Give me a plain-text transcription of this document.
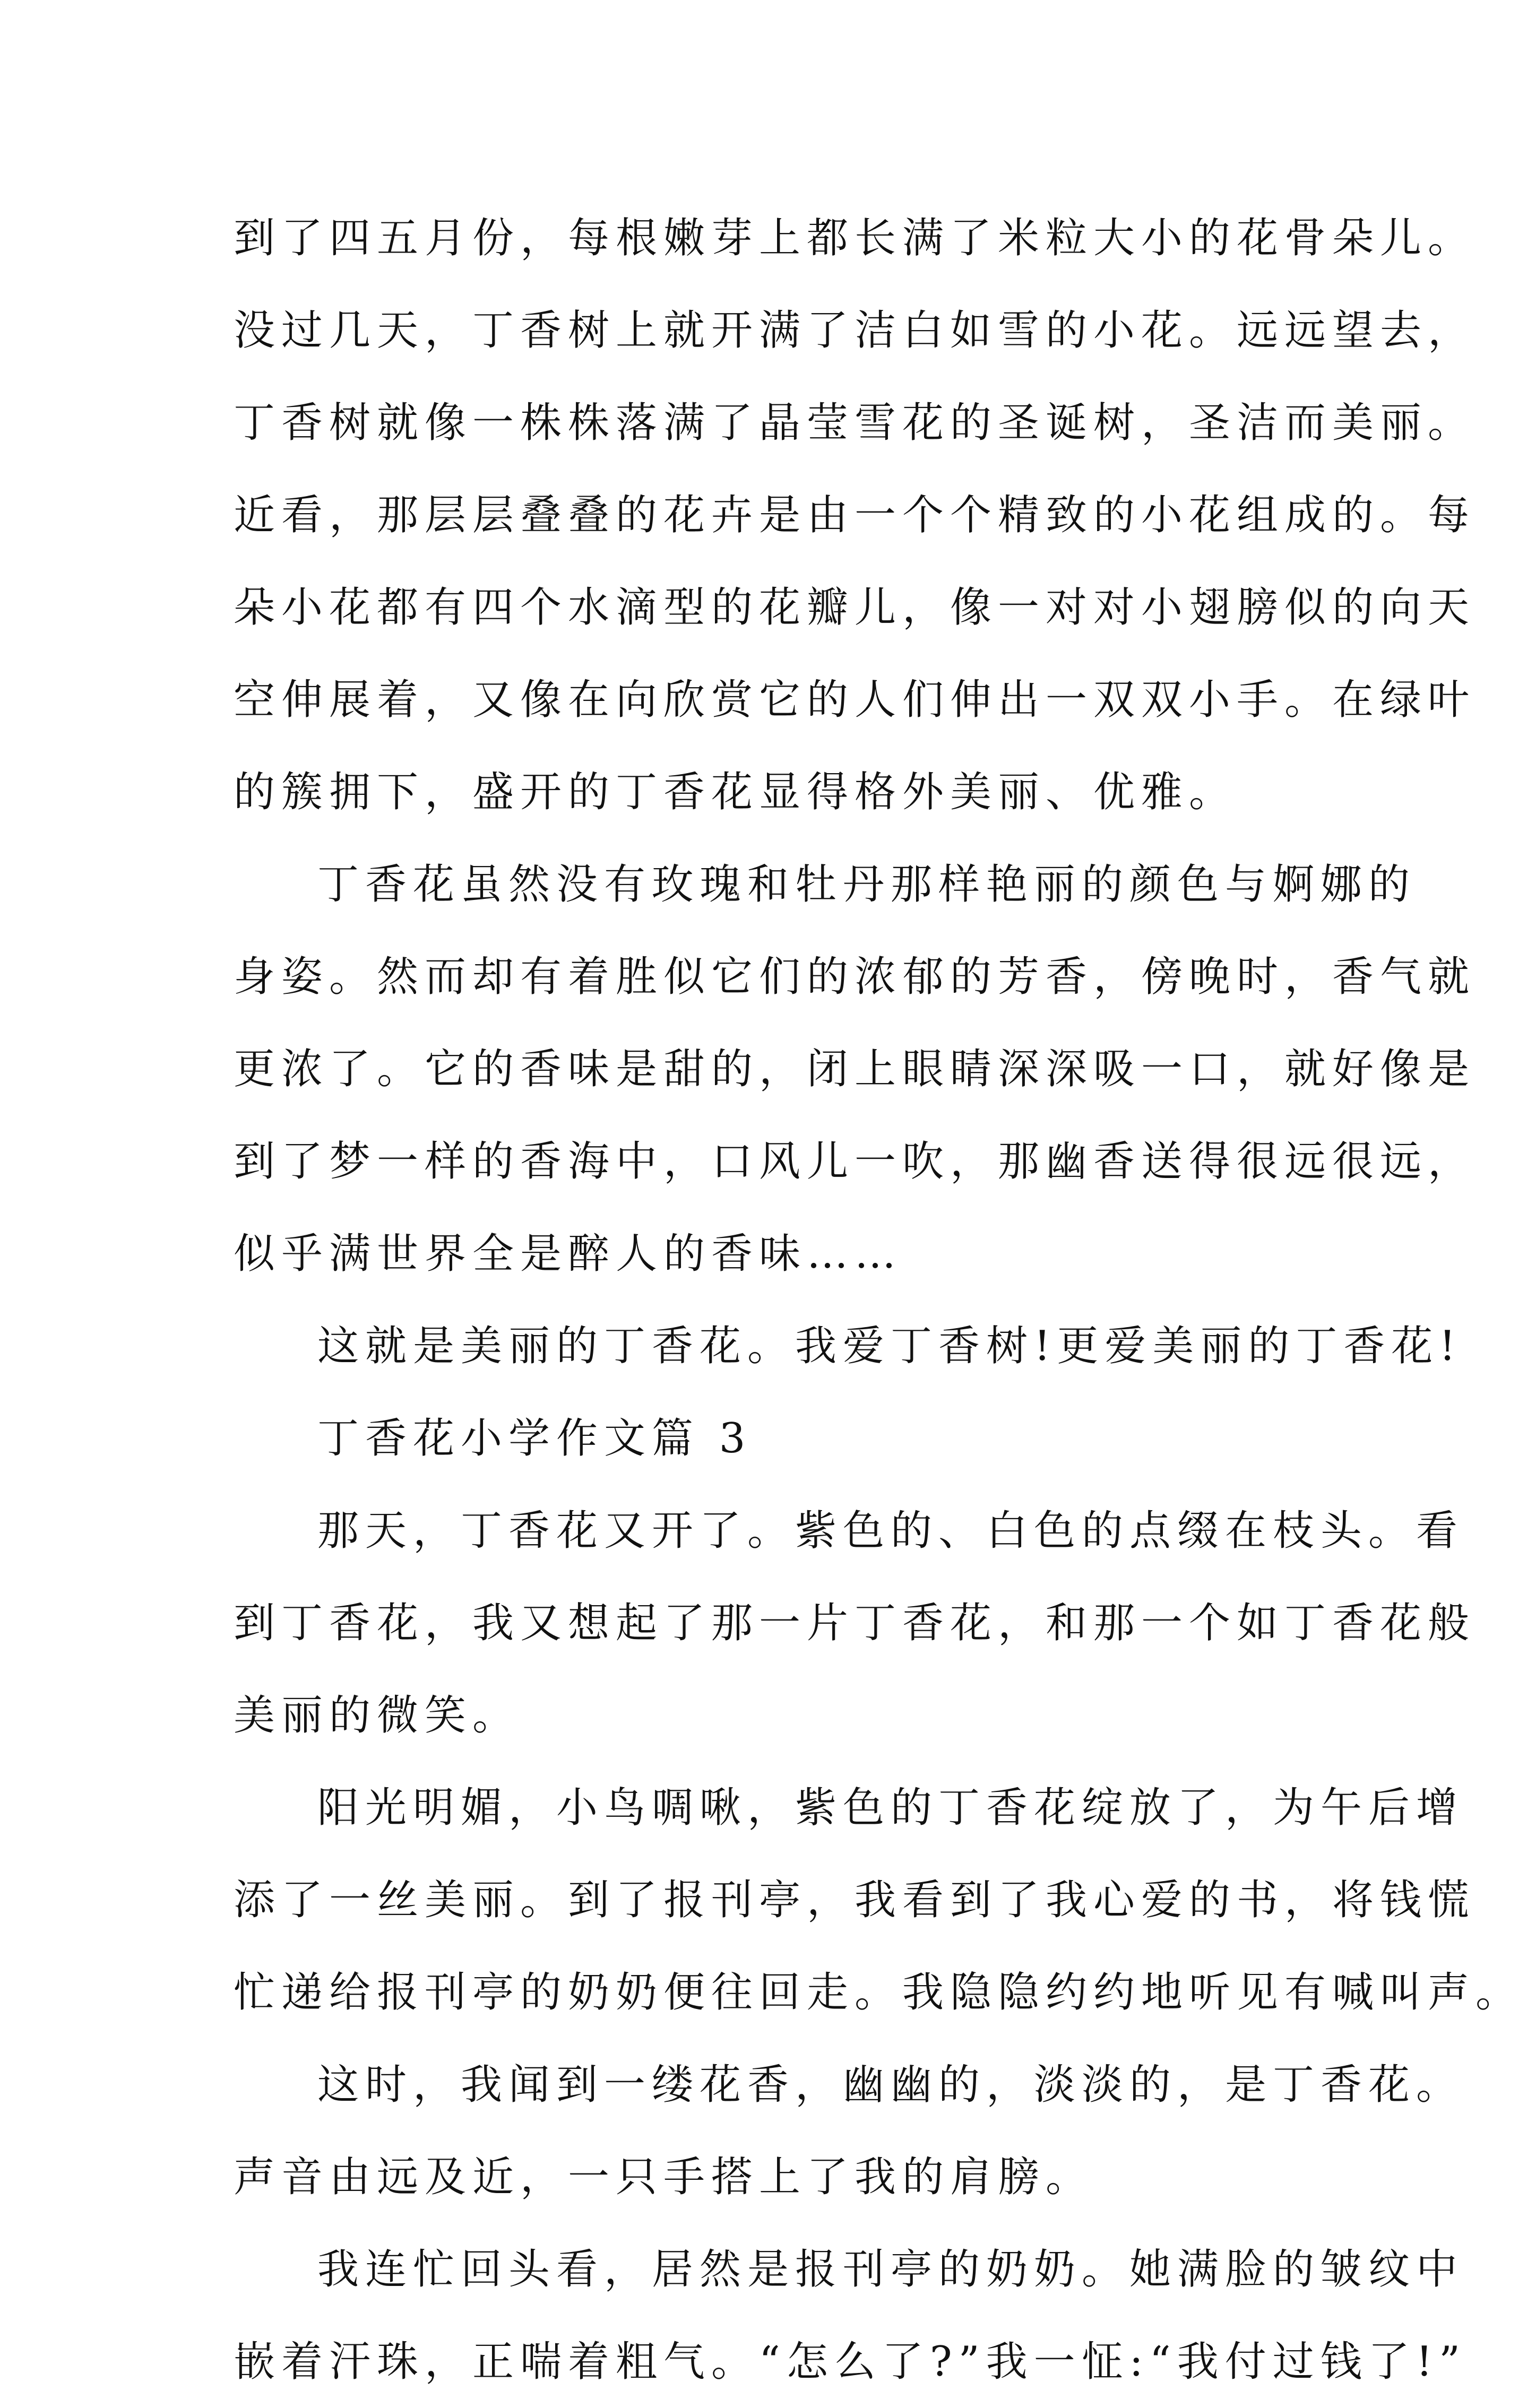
到了四五月份，每根嫩芽上都长满了米粒大小的花骨朵儿。
没过几天，丁香树上就开满了洁白如雪的小花。远远望去，
丁香树就像一株株落满了晶莹雪花的圣诞树，圣洁而美丽。
近看，那层层叠叠的花卉是由一个个精致的小花组成的。每
朵小花都有四个水滴型的花瓣儿，像一对对小翅膀似的向天
空伸展着，又像在向欣赏它的人们伸出一双双小手。在绿叶
的簇拥下，盛开的丁香花显得格外美丽、优雅。
丁香花虽然没有玫瑰和牡丹那样艳丽的颜色与婀娜的
身姿。然而却有着胜似它们的浓郁的芳香，傍晚时，香气就
更浓了。它的香味是甜的，闭上眼睛深深吸一口，就好像是
到了梦一样的香海中，口风儿一吹，那幽香送得很远很远，
似乎满世界全是醉人的香味……
这就是美丽的丁香花。我爱丁香树!更爱美丽的丁香花!
丁香花小学作文篇 3
那天，丁香花又开了。紫色的、白色的点缀在枝头。看
到丁香花，我又想起了那一片丁香花，和那一个如丁香花般
美丽的微笑。
阳光明媚，小鸟啁啾，紫色的丁香花绽放了，为午后增
添了一丝美丽。到了报刊亭，我看到了我心爱的书，将钱慌
忙递给报刊亭的奶奶便往回走。我隐隐约约地听见有喊叫声。
这时，我闻到一缕花香，幽幽的，淡淡的，是丁香花。
声音由远及近，一只手搭上了我的肩膀。
我连忙回头看，居然是报刊亭的奶奶。她满脸的皱纹中
嵌着汗珠，正喘着粗气。“怎么了?”我一怔:“我付过钱了!”
